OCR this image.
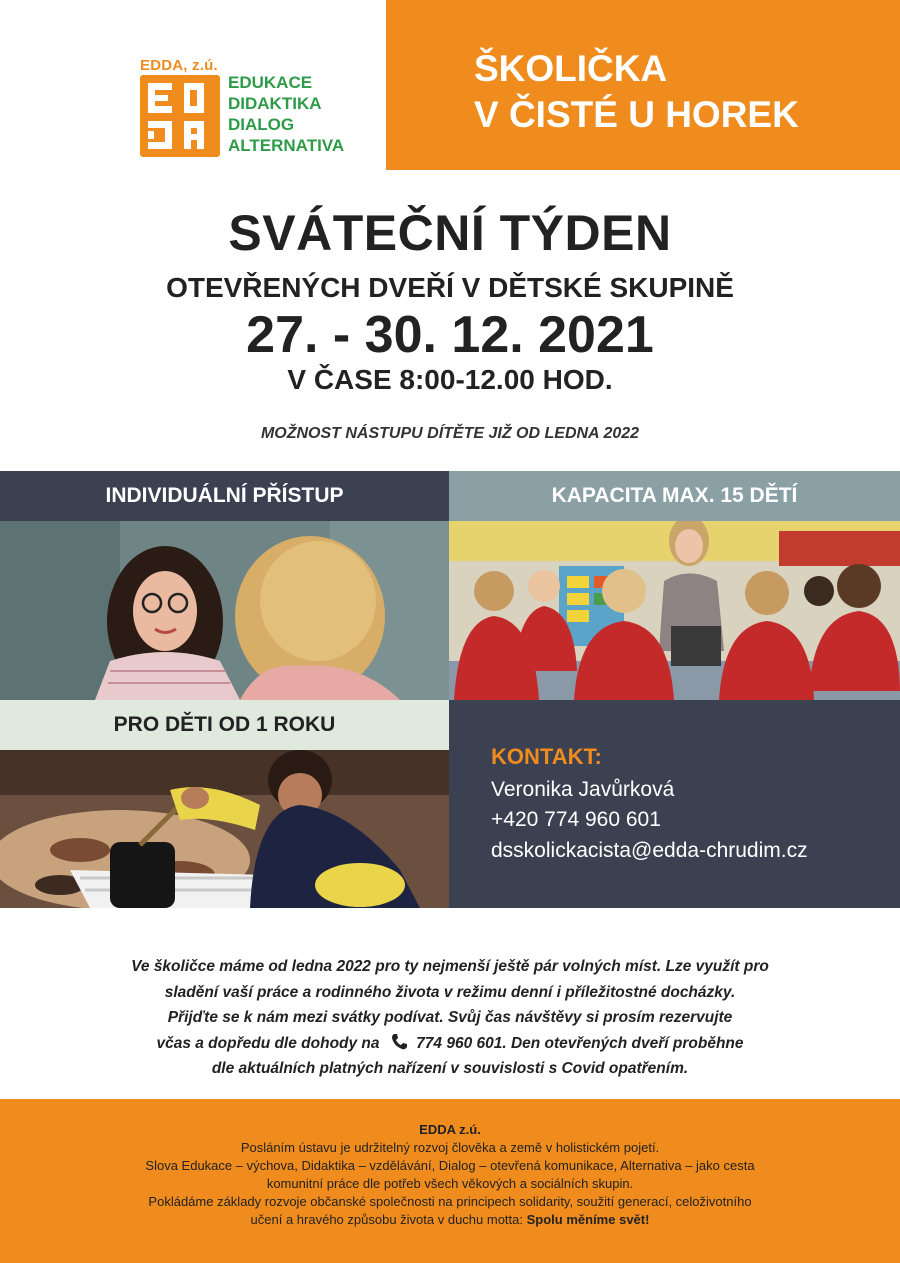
EDDA, z.ú.
EDUKACE
DIDAKTIKA
DIALOG
ALTERNATIVA
ŠKOLIČKA
V ČISTÉ U HOREK
SVÁTEČNÍ TÝDEN
OTEVŘENÝCH DVEŘÍ V DĚTSKÉ SKUPINĚ
27. - 30. 12. 2021
V ČASE 8:00-12.00 HOD.
MOŽNOST NÁSTUPU DÍTĚTE JIŽ OD LEDNA 2022
INDIVIDUÁLNÍ PŘÍSTUP	KAPACITA MAX. 15 DĚTÍ
PRO DĚTI OD 1 ROKU
KONTAKT:
Veronika Javůrková
+420 774 960 601
dsskolickacista@edda-chrudim.cz
Ve školičce máme od ledna 2022 pro ty nejmenší ještě pár volných míst. Lze využít pro
sladění vaší práce a rodinného života v režimu denní i příležitostné docházky.
Přijďte se k nám mezi svátky podívat. Svůj čas návštěvy si prosím rezervujte
včas a dopředu dle dohody na 774 960 601. Den otevřených dveří proběhne
dle aktuálních platných nařízení v souvislosti s Covid opatřením.
EDDA z.ú.
Posláním ústavu je udržitelný rozvoj člověka a země v holistickém pojetí.
Slova Edukace – výchova, Didaktika – vzdělávání, Dialog – otevřená komunikace, Alternativa – jako cesta
komunitní práce dle potřeb všech věkových a sociálních skupin.
Pokládáme základy rozvoje občanské společnosti na principech solidarity, soužití generací, celoživotního
učení a hravého způsobu života v duchu motta: Spolu měníme svět!
